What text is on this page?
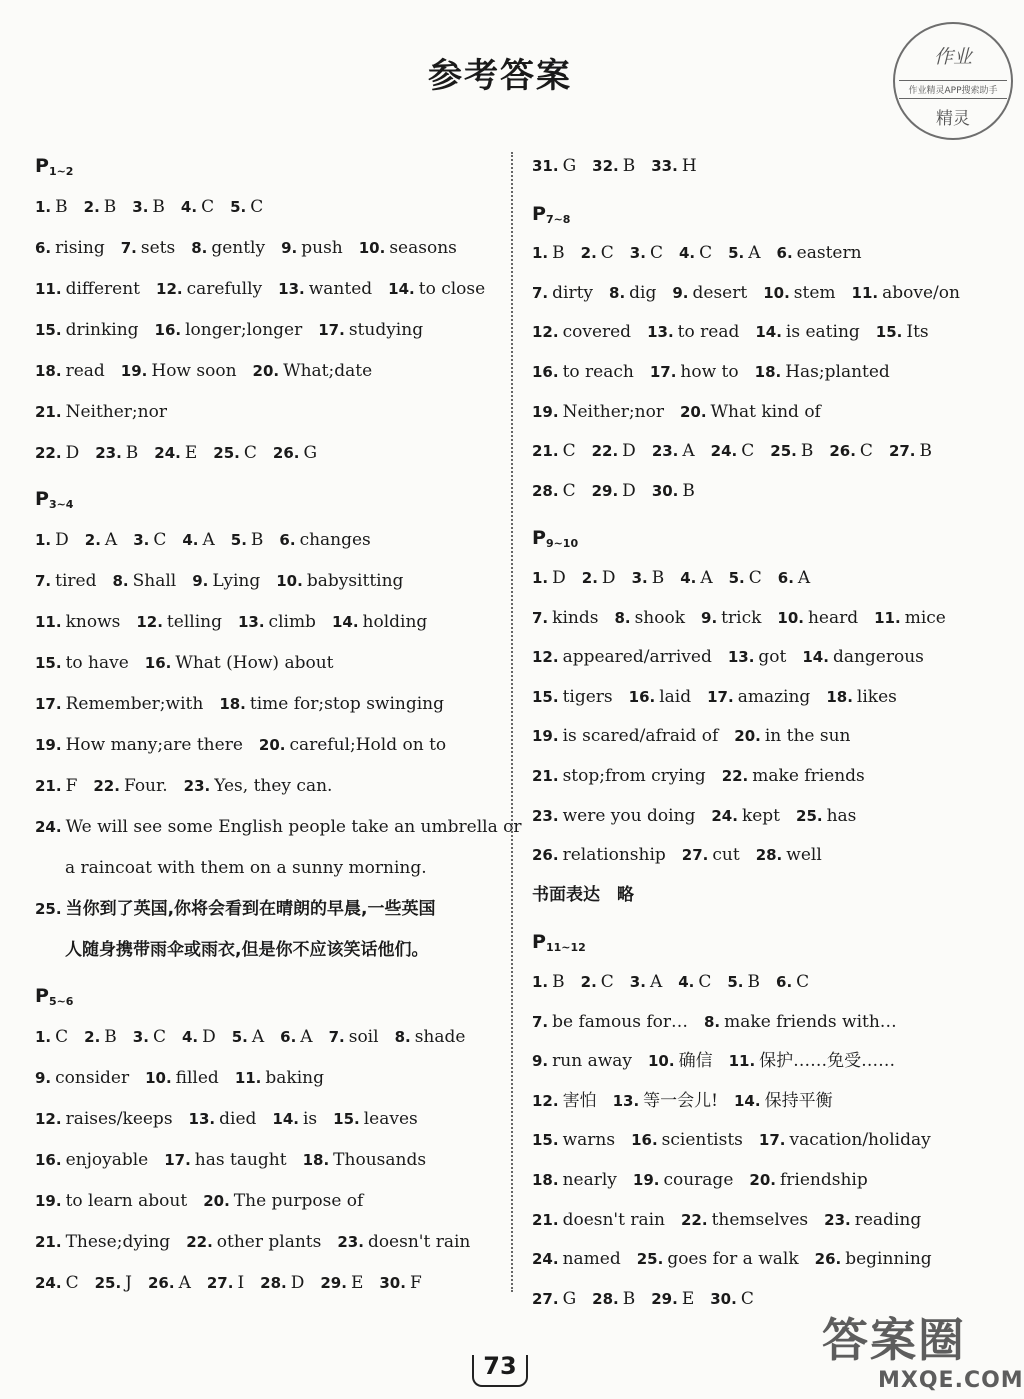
参考答案	作业
作业精灵APP搜索助手
精灵
$P_{1\sim 2}$
1. B 2. B 3. B 4. C 5. C
6. rising 7. sets 8. gently 9. push 10. seasons
11. different 12. carefully 13. wanted 14. to close
15. drinking 16. longer;longer 17. studying
18. read 19. How soon 20. What;date
21. Neither;nor
22. D 23. B 24. E 25. C 26. G
$P_{3\sim 4}$
1. D 2. A 3. C 4. A 5. B 6. changes
7. tired 8. Shall 9. Lying 10. babysitting
11. knows 12. telling 13. climb 14. holding
15. to have 16. What (How) about
17. Remember;with 18. time for;stop swinging
19. How many;are there 20. careful;Hold on to
21. F 22. Four. 23. Yes, they can.
24. We will see some English people take an umbrella or
a raincoat with them on a sunny morning.
25. 当你到了英国,你将会看到在晴朗的早晨,一些英国
人随身携带雨伞或雨衣,但是你不应该笑话他们。
$P_{5\sim 6}$
1. C 2. B 3. C 4. D 5. A 6. A 7. soil 8. shade
9. consider 10. filled 11. baking
12. raises/keeps 13. died 14. is 15. leaves
16. enjoyable 17. has taught 18. Thousands
19. to learn about 20. The purpose of
21. These;dying 22. other plants 23. doesn't rain
24. C 25. J 26. A 27. I 28. D 29. E 30. F
31. G 32. B 33. H
$P_{7\sim 8}$
1. B 2. C 3. C 4. C 5. A 6. eastern
7. dirty 8. dig 9. desert 10. stem 11. above/on
12. covered 13. to read 14. is eating 15. Its
16. to reach 17. how to 18. Has;planted
19. Neither;nor 20. What kind of
21. C 22. D 23. A 24. C 25. B 26. C 27. B
28. C 29. D 30. B
$P_{9\sim 10}$
1. D 2. D 3. B 4. A 5. C 6. A
7. kinds 8. shook 9. trick 10. heard 11. mice
12. appeared/arrived 13. got 14. dangerous
15. tigers 16. laid 17. amazing 18. likes
19. is scared/afraid of 20. in the sun
21. stop;from crying 22. make friends
23. were you doing 24. kept 25. has
26. relationship 27. cut 28. well
书面表达　略
$P_{11\sim 12}$
1. B 2. C 3. A 4. C 5. B 6. C
7. be famous for… 8. make friends with…
9. run away 10. 确信 11. 保护……免受……
12. 害怕 13. 等一会儿! 14. 保持平衡
15. warns 16. scientists 17. vacation/holiday
18. nearly 19. courage 20. friendship
21. doesn't rain 22. themselves 23. reading
24. named 25. goes for a walk 26. beginning
27. G 28. B 29. E 30. C
73	答案圈
MXQE.COM
